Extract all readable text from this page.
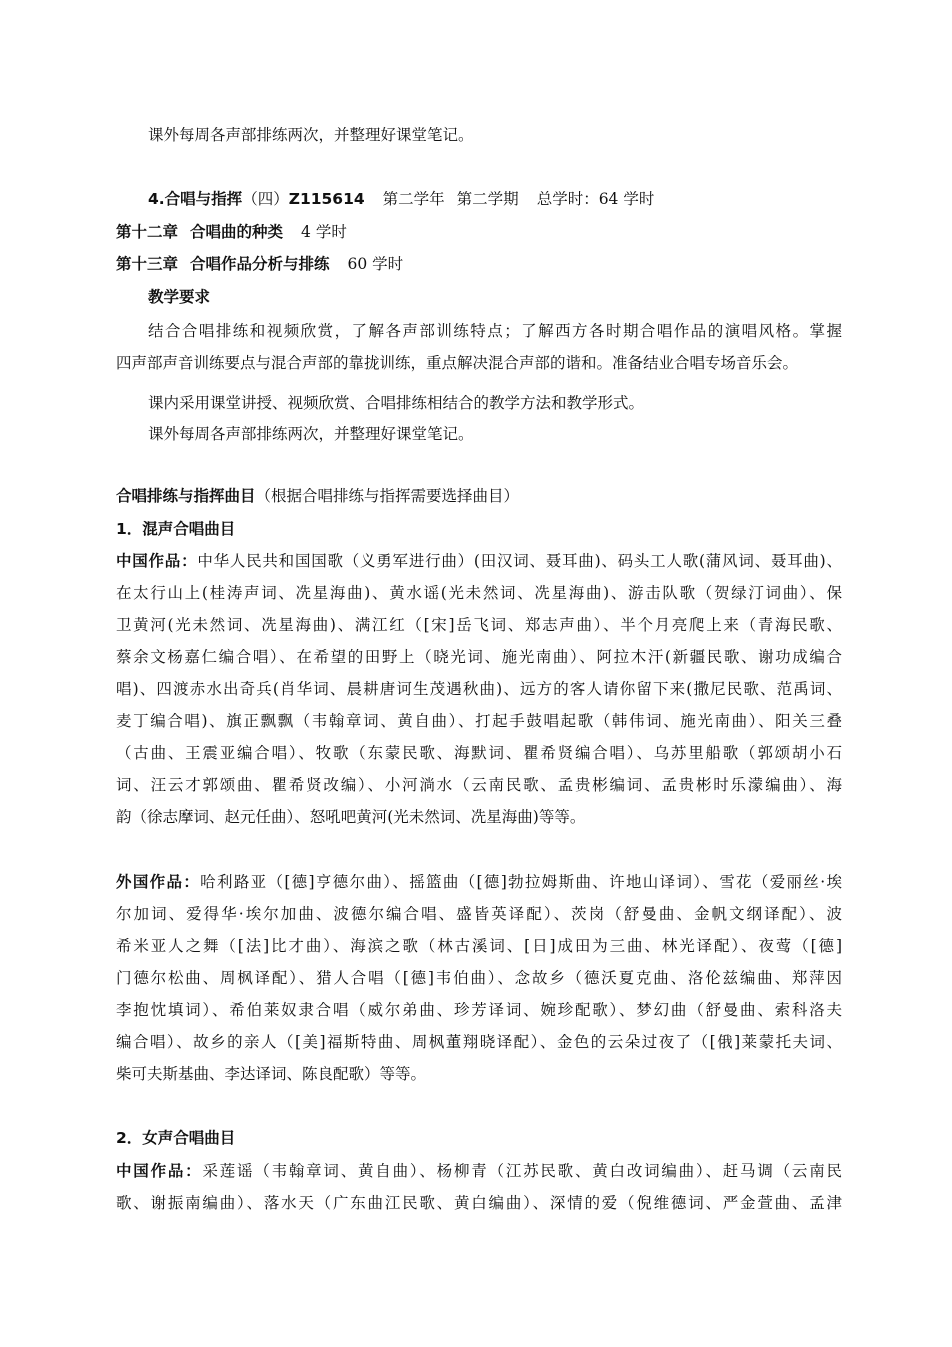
课外每周各声部排练两次，并整理好课堂笔记。
4.合唱与指挥（四）Z115614 第二学年 第二学期 总学时：64 学时
第十二章 合唱曲的种类 4 学时
第十三章 合唱作品分析与排练 60 学时
教学要求
结合合唱排练和视频欣赏，了解各声部训练特点；了解西方各时期合唱作品的演唱风格。掌握
四声部声音训练要点与混合声部的靠拢训练，重点解决混合声部的谐和。准备结业合唱专场音乐会。
课内采用课堂讲授、视频欣赏、合唱排练相结合的教学方法和教学形式。
课外每周各声部排练两次，并整理好课堂笔记。
合唱排练与指挥曲目（根据合唱排练与指挥需要选择曲目）
1．混声合唱曲目
中国作品：中华人民共和国国歌（义勇军进行曲）(田汉词、聂耳曲)、码头工人歌(蒲风词、聂耳曲)、
在太行山上(桂涛声词、冼星海曲)、黄水谣(光未然词、冼星海曲)、游击队歌（贺绿汀词曲）、保
卫黄河(光未然词、冼星海曲)、满江红（[宋]岳飞词、郑志声曲）、半个月亮爬上来（青海民歌、
蔡余文杨嘉仁编合唱）、在希望的田野上（晓光词、施光南曲）、阿拉木汗(新疆民歌、谢功成编合
唱)、四渡赤水出奇兵(肖华词、晨耕唐诃生茂遇秋曲)、远方的客人请你留下来(撒尼民歌、范禹词、
麦丁编合唱)、旗正飘飘（韦翰章词、黄自曲）、打起手鼓唱起歌（韩伟词、施光南曲）、阳关三叠
（古曲、王震亚编合唱）、牧歌（东蒙民歌、海默词、瞿希贤编合唱）、乌苏里船歌（郭颂胡小石
词、汪云才郭颂曲、瞿希贤改编）、小河淌水（云南民歌、孟贵彬编词、孟贵彬时乐濛编曲）、海
韵（徐志摩词、赵元任曲）、怒吼吧黄河(光未然词、冼星海曲)等等。
外国作品：哈利路亚（[德]亨德尔曲）、摇篮曲（[德]勃拉姆斯曲、许地山译词）、雪花（爱丽丝·埃
尔加词、爱得华·埃尔加曲、波德尔编合唱、盛皆英译配）、茨岗（舒曼曲、金帆文纲译配）、波
希米亚人之舞（[法]比才曲）、海滨之歌（林古溪词、[日]成田为三曲、林光译配）、夜莺（[德]
门德尔松曲、周枫译配）、猎人合唱（[德]韦伯曲）、念故乡（德沃夏克曲、洛伦兹编曲、郑萍因
李抱忱填词）、希伯莱奴隶合唱（威尔弟曲、珍芳译词、婉珍配歌）、梦幻曲（舒曼曲、索科洛夫
编合唱）、故乡的亲人（[美]福斯特曲、周枫董翔晓译配）、金色的云朵过夜了（[俄]莱蒙托夫词、
柴可夫斯基曲、李达译词、陈良配歌）等等。
2．女声合唱曲目
中国作品：采莲谣（韦翰章词、黄自曲）、杨柳青（江苏民歌、黄白改词编曲）、赶马调（云南民
歌、谢振南编曲）、落水天（广东曲江民歌、黄白编曲）、深情的爱（倪维德词、严金萱曲、孟津
